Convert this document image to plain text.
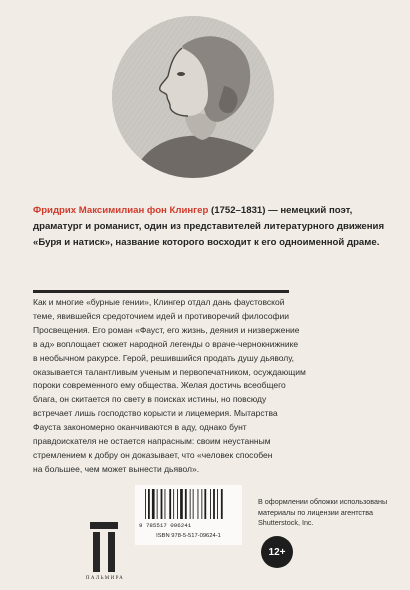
Фридрих Максимилиан фон Клингер (1752–1831) — немецкий поэт, драматург и романист, один из представителей литературного движения «Буря и натиск», название которого восходит к его одноименной драме.
Как и многие «бурные гении», Клингер отдал дань фаустовской
теме, явившейся средоточием идей и противоречий философии
Просвещения. Его роман «Фауст, его жизнь, деяния и низвержение
в ад» воплощает сюжет народной легенды о враче-чернокнижнике
в необычном ракурсе. Герой, решившийся продать душу дьяволу,
оказывается талантливым ученым и первопечатником, осуждающим
пороки современного ему общества. Желая достичь всеобщего
блага, он скитается по свету в поисках истины, но повсюду
встречает лишь господство корысти и лицемерия. Мытарства
Фауста закономерно оканчиваются в аду, однако бунт
правдоискателя не остается напрасным: своим неустанным
стремлением к добру он доказывает, что «человек способен
на большее, чем может вынести дьявол».
9 785517 096241
ISBN 978-5-517-09624-1
В оформлении обложки использованы
материалы по лицензии агентства
Shutterstock, Inc.
ПАЛЬМИРА
12+
